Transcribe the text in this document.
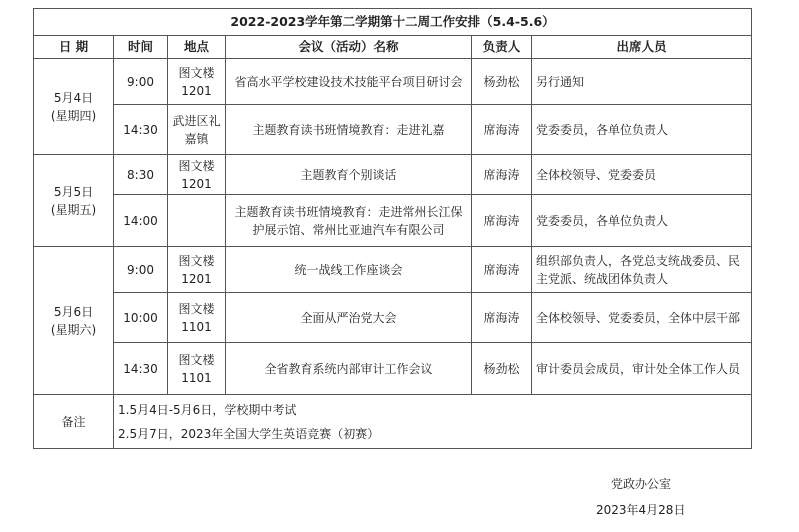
2022-2023学年第二学期第十二周工作安排（5.4-5.6）					
日 期	时间	地点	会议（活动）名称	负责人	出席人员

5月4日
(星期四)	9:00	图文楼1201	省高水平学校建设技术技能平台项目研讨会	杨劲松	另行通知
	14:30	武进区礼嘉镇	主题教育读书班情境教育：走进礼嘉	席海涛	党委委员，各单位负责人

5月5日
(星期五)	8:30	图文楼1201	主题教育个别谈话	席海涛	全体校领导、党委委员
	14:00		主题教育读书班情境教育：走进常州长江保护展示馆、常州比亚迪汽车有限公司	席海涛	党委委员，各单位负责人

5月6日
(星期六)	9:00	图文楼1201	统一战线工作座谈会	席海涛	组织部负责人，各党总支统战委员、民主党派、统战团体负责人
	10:00	图文楼1101	全面从严治党大会	席海涛	全体校领导、党委委员，全体中层干部
	14:30	图文楼1101	全省教育系统内部审计工作会议	杨劲松	审计委员会成员，审计处全体工作人员
备注	1.5月4日-5月6日，学校期中考试
2.5月7日，2023年全国大学生英语竞赛（初赛）				
党政办公室
2023年4月28日
